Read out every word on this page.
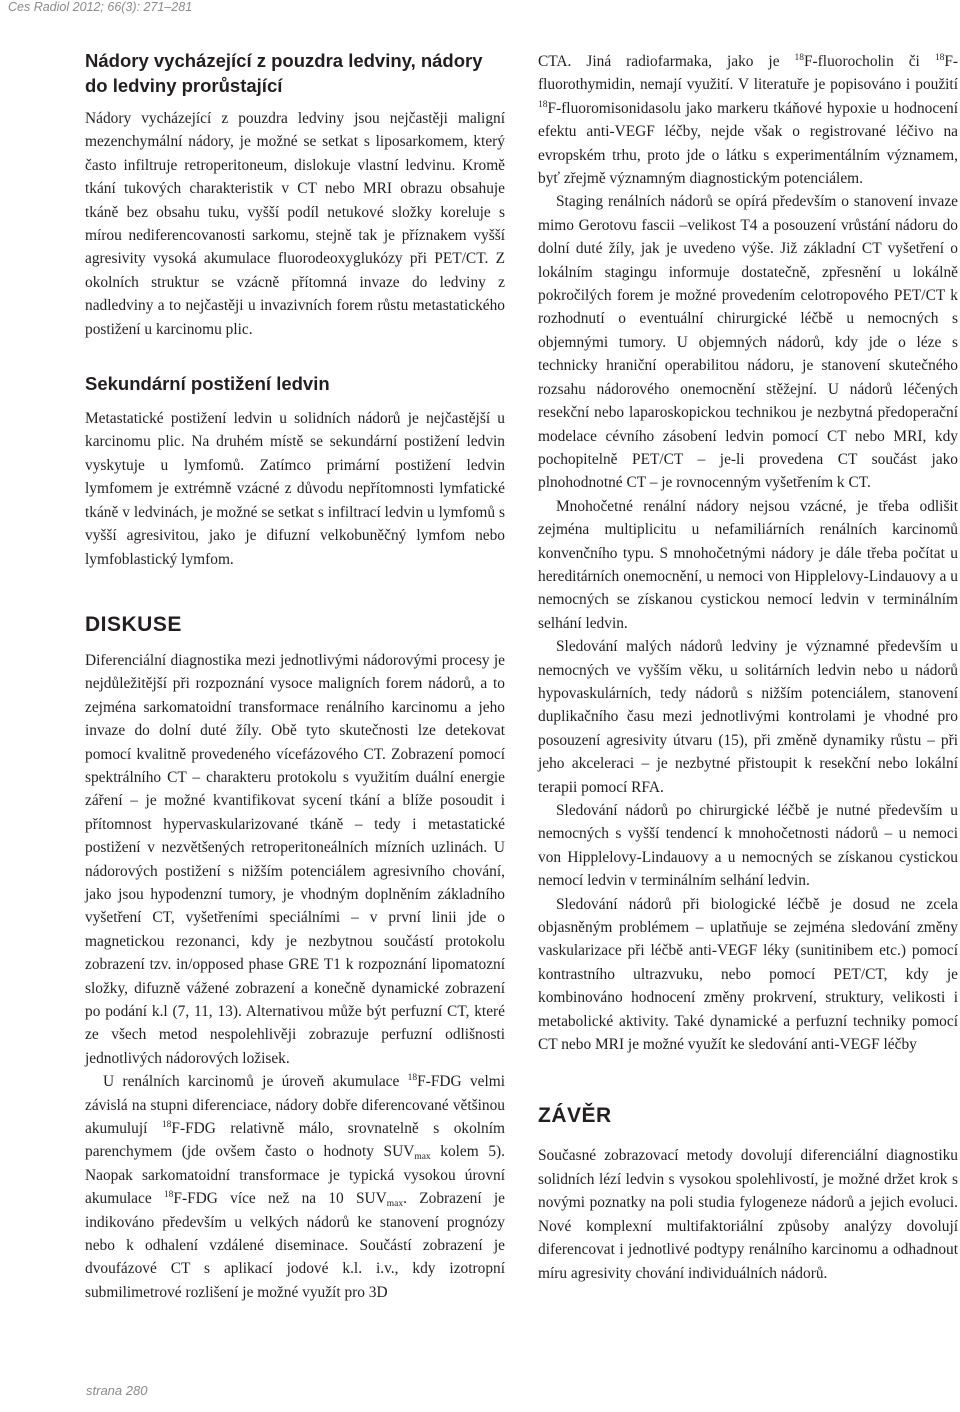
Ces Radiol 2012; 66(3): 271–281
Nádory vycházející z pouzdra ledviny, nádory do ledviny prorůstající

Nádory vycházející z pouzdra ledviny jsou nejčastěji maligní mezenchymální nádory, je možné se setkat s liposarkomem, který často infiltruje retroperitoneum, dislokuje vlastní ledvinu. Kromě tkání tukových charakteristik v CT nebo MRI obrazu obsahuje tkáně bez obsahu tuku, vyšší podíl netukové složky koreluje s mírou nediferencovanosti sarkomu, stejně tak je příznakem vyšší agresivity vysoká akumulace fluorodeoxyglukózy při PET/CT. Z okolních struktur se vzácně přítomná invaze do ledviny z nadledviny a to nejčastěji u invazivních forem růstu metastatického postižení u karcinomu plic.

Sekundární postižení ledvin

Metastatické postižení ledvin u solidních nádorů je nejčastější u karcinomu plic. Na druhém místě se sekundární postižení ledvin vyskytuje u lymfomů. Zatímco primární postižení ledvin lymfomem je extrémně vzácné z důvodu nepřítomnosti lymfatické tkáně v ledvinách, je možné se setkat s infiltrací ledvin u lymfomů s vyšší agresivitou, jako je difuzní velkobuněčný lymfom nebo lymfoblastický lymfom.

DISKUSE

Diferenciální diagnostika mezi jednotlivými nádorovými procesy je nejdůležitější při rozpoznání vysoce maligních forem nádorů, a to zejména sarkomatoidní transformace renálního karcinomu a jeho invaze do dolní duté žíly. Obě tyto skutečnosti lze detekovat pomocí kvalitně provedeného vícefázového CT. Zobrazení pomocí spektrálního CT – charakteru protokolu s využitím duální energie záření – je možné kvantifikovat sycení tkání a blíže posoudit i přítomnost hypervaskularizované tkáně – tedy i metastatické postižení v nezvětšených retroperitoneálních mízních uzlinách. U nádorových postižení s nižším potenciálem agresivního chování, jako jsou hypodenzní tumory, je vhodným doplněním základního vyšetření CT, vyšetřeními speciálními – v první linii jde o magnetickou rezonanci, kdy je nezbytnou součástí protokolu zobrazení tzv. in/opposed phase GRE T1 k rozpoznání lipomatozní složky, difuzně vážené zobrazení a konečně dynamické zobrazení po podání k.l (7, 11, 13). Alternativou může být perfuzní CT, které ze všech metod nespolehlivěji zobrazuje perfuzní odlišnosti jednotlivých nádorových ložisek.

U renálních karcinomů je úroveň akumulace $^{18}$F-FDG velmi závislá na stupni diferenciace, nádory dobře diferencované většinou akumulují $^{18}$F-FDG relativně málo, srovnatelně s okolním parenchymem (jde ovšem často o hodnoty $SUV_{max}$ kolem 5). Naopak sarkomatoidní transformace je typická vysokou úrovní akumulace $^{18}$F-FDG více než na 10 $SUV_{max}$. Zobrazení je indikováno především u velkých nádorů ke stanovení prognózy nebo k odhalení vzdálené diseminace. Součástí zobrazení je dvoufázové CT s aplikací jodové k.l. i.v., kdy izotropní submilimetrové rozlišení je možné využít pro 3D

CTA. Jiná radiofarmaka, jako je $^{18}$F-fluorocholin či $^{18}$F-fluorothymidin, nemají využití. V literatuře je popisováno i použití $^{18}$F-fluoromisonidasolu jako markeru tkáňové hypoxie u hodnocení efektu anti-VEGF léčby, nejde však o registrované léčivo na evropském trhu, proto jde o látku s experimentálním významem, byť zřejmě významným diagnostickým potenciálem.

Staging renálních nádorů se opírá především o stanovení invaze mimo Gerotovu fascii –velikost T4 a posouzení vrůstání nádoru do dolní duté žíly, jak je uvedeno výše. Již základní CT vyšetření o lokálním stagingu informuje dostatečně, zpřesnění u lokálně pokročilých forem je možné provedením celotropového PET/CT k rozhodnutí o eventuální chirurgické léčbě u nemocných s objemnými tumory. U objemných nádorů, kdy jde o léze s technicky hraniční operabilitou nádoru, je stanovení skutečného rozsahu nádorového onemocnění stěžejní. U nádorů léčených resekční nebo laparoskopickou technikou je nezbytná předoperační modelace cévního zásobení ledvin pomocí CT nebo MRI, kdy pochopitelně PET/CT – je-li provedena CT součást jako plnohodnotné CT – je rovnocenným vyšetřením k CT.

Mnohočetné renální nádory nejsou vzácné, je třeba odlišit zejména multiplicitu u nefamiliárních renálních karcinomů konvenčního typu. S mnohočetnými nádory je dále třeba počítat u hereditárních onemocnění, u nemoci von Hipplelovy-Lindauovy a u nemocných se získanou cystickou nemocí ledvin v terminálním selhání ledvin.

Sledování malých nádorů ledviny je významné především u nemocných ve vyšším věku, u solitárních ledvin nebo u nádorů hypovaskulárních, tedy nádorů s nižším potenciálem, stanovení duplikačního času mezi jednotlivými kontrolami je vhodné pro posouzení agresivity útvaru (15), při změně dynamiky růstu – při jeho akceleraci – je nezbytné přistoupit k resekční nebo lokální terapii pomocí RFA.

Sledování nádorů po chirurgické léčbě je nutné především u nemocných s vyšší tendencí k mnohočetnosti nádorů – u nemoci von Hipplelovy-Lindauovy a u nemocných se získanou cystickou nemocí ledvin v terminálním selhání ledvin.

Sledování nádorů při biologické léčbě je dosud ne zcela objasněným problémem – uplatňuje se zejména sledování změny vaskularizace při léčbě anti-VEGF léky (sunitinibem etc.) pomocí kontrastního ultrazvuku, nebo pomocí PET/CT, kdy je kombinováno hodnocení změny prokrvení, struktury, velikosti i metabolické aktivity. Také dynamické a perfuzní techniky pomocí CT nebo MRI je možné využít ke sledování anti-VEGF léčby

ZÁVĚR

Současné zobrazovací metody dovolují diferenciální diagnostiku solidních lézí ledvin s vysokou spolehlivostí, je možné držet krok s novými poznatky na poli studia fylogeneze nádorů a jejich evoluci. Nové komplexní multifaktoriální způsoby analýzy dovolují diferencovat i jednotlivé podtypy renálního karcinomu a odhadnout míru agresivity chování individuálních nádorů.

strana 280
